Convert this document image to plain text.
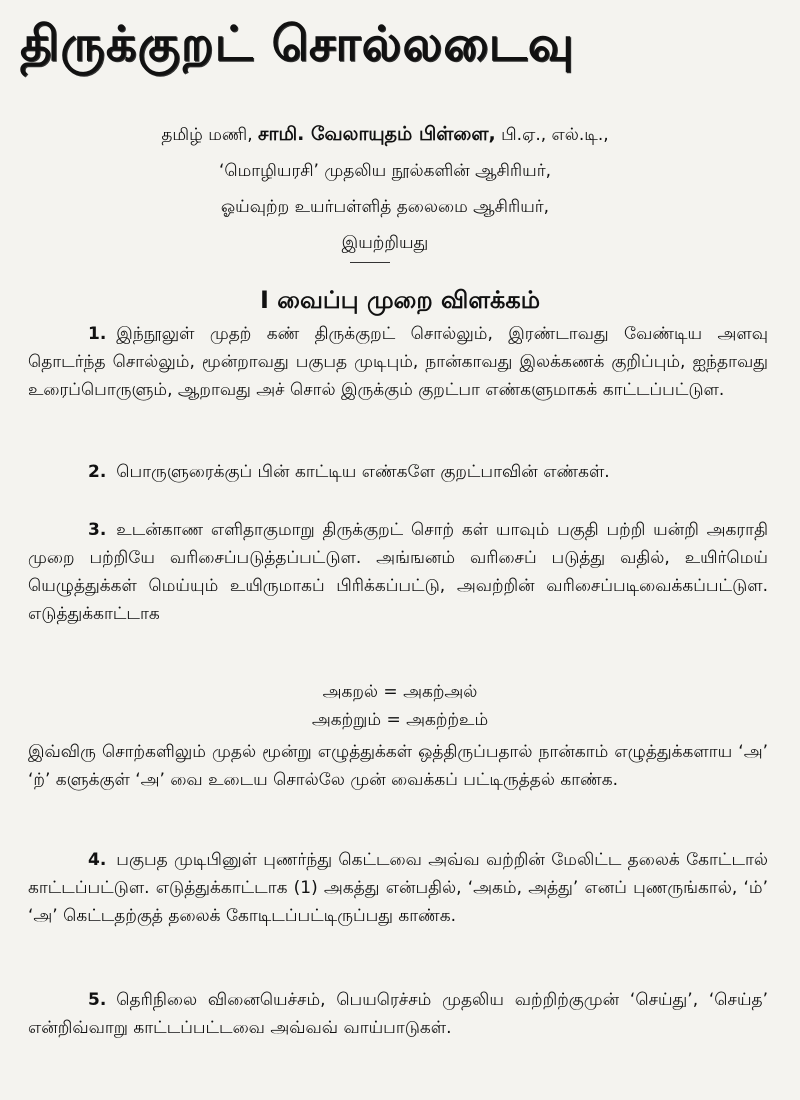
திருக்குறட் சொல்லடைவு
தமிழ் மணி, சாமி. வேலாயுதம் பிள்ளை, பி.ஏ., எல்.டி.,
‘மொழியரசி’ முதலிய நூல்களின் ஆசிரியர்,
ஓய்வுற்ற உயர்பள்ளித் தலைமை ஆசிரியர்,
இயற்றியது
I வைப்பு முறை விளக்கம்
1. இந்நூலுள் முதற் கண் திருக்குறட் சொல்லும், இரண்டாவது வேண்டிய அளவு தொடர்ந்த சொல்லும், மூன்றாவது பகுபத முடிபும், நான்காவது இலக்கணக் குறிப்பும், ஐந்தாவது உரைப்பொருளும், ஆறாவது அச் சொல் இருக்கும் குறட்பா எண்களுமாகக் காட்டப்பட்டுள.
2. பொருளுரைக்குப் பின் காட்டிய எண்களே குறட்பாவின் எண்கள்.
3. உடன்காண எளிதாகுமாறு திருக்குறட் சொற் கள் யாவும் பகுதி பற்றி யன்றி அகராதி முறை பற்றியே வரிசைப்படுத்தப்பட்டுள. அங்ஙனம் வரிசைப் படுத்து வதில், உயிர்மெய் யெழுத்துக்கள் மெய்யும் உயிருமாகப் பிரிக்கப்பட்டு, அவற்றின் வரிசைப்படிவைக்கப்பட்டுள. எடுத்துக்காட்டாக
அகறல் = அகற்அல்
அகற்றும் = அகற்ற்உம்
இவ்விரு சொற்களிலும் முதல் மூன்று எழுத்துக்கள் ஒத்திருப்பதால் நான்காம் எழுத்துக்களாய ‘அ’ ‘ற்’ களுக்குள் ‘அ’ வை உடைய சொல்லே முன் வைக்கப் பட்டிருத்தல் காண்க.
4. பகுபத முடிபினுள் புணர்ந்து கெட்டவை அவ்வ வற்றின் மேலிட்ட தலைக் கோட்டால் காட்டப்பட்டுள. எடுத்துக்காட்டாக (1) அகத்து என்பதில், ‘அகம், அத்து’ எனப் புணருங்கால், ‘ம்’ ‘அ’ கெட்டதற்குத் தலைக் கோடிடப்பட்டிருப்பது காண்க.
5. தெரிநிலை வினையெச்சம், பெயரெச்சம் முதலிய வற்றிற்குமுன் ‘செய்து’, ‘செய்த’ என்றிவ்வாறு காட்டப்பட்டவை அவ்வவ் வாய்பாடுகள்.
